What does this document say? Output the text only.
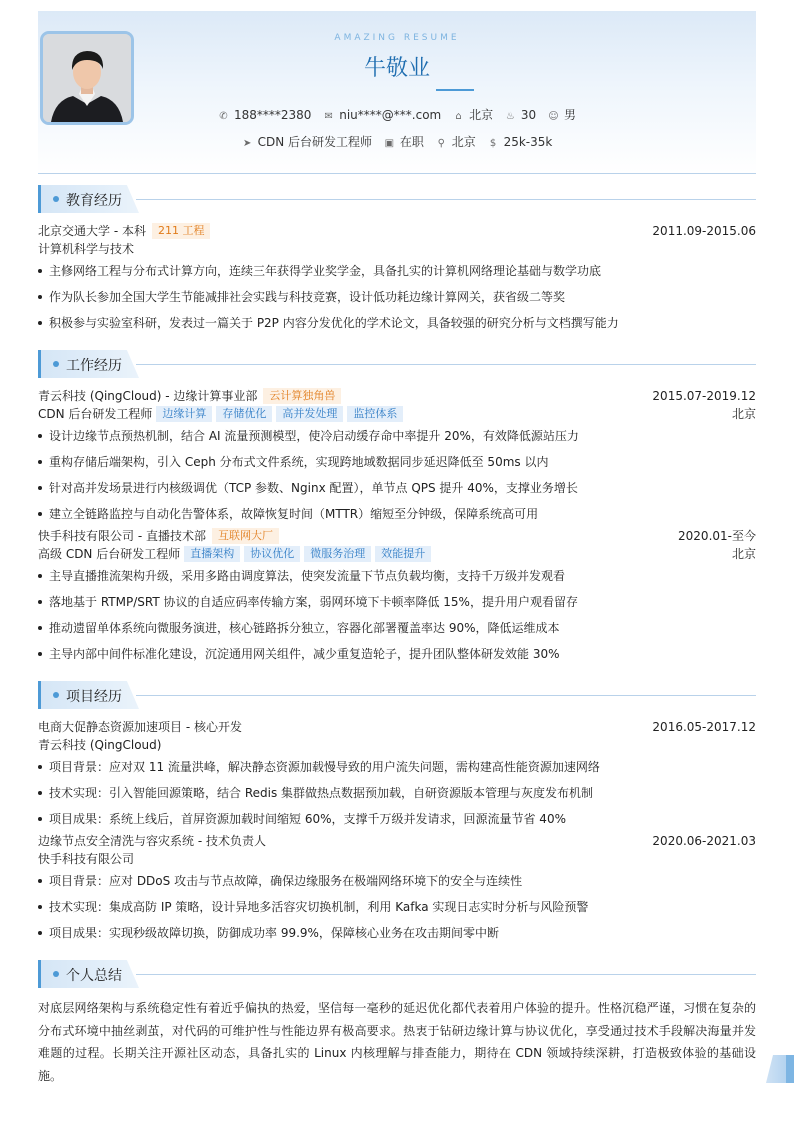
AMAZING RESUME
牛敬业
✆ 188****2380 ✉ niu****@***.com ⌂ 北京 ♨ 30 ☺ 男
➤ CDN 后台研发工程师 ▣ 在职 ⚲ 北京 $ 25k-35k
教育经历
北京交通大学 - 本科 211 工程	2011.09-2015.06
计算机科学与技术
主修网络工程与分布式计算方向，连续三年获得学业奖学金，具备扎实的计算机网络理论基础与数学功底
作为队长参加全国大学生节能减排社会实践与科技竞赛，设计低功耗边缘计算网关，获省级二等奖
积极参与实验室科研，发表过一篇关于 P2P 内容分发优化的学术论文，具备较强的研究分析与文档撰写能力
工作经历
青云科技 (QingCloud) - 边缘计算事业部 云计算独角兽	2015.07-2019.12
CDN 后台研发工程师 边缘计算 存储优化 高并发处理 监控体系	北京
设计边缘节点预热机制，结合 AI 流量预测模型，使冷启动缓存命中率提升 20%，有效降低源站压力
重构存储后端架构，引入 Ceph 分布式文件系统，实现跨地域数据同步延迟降低至 50ms 以内
针对高并发场景进行内核级调优（TCP 参数、Nginx 配置），单节点 QPS 提升 40%，支撑业务增长
建立全链路监控与自动化告警体系，故障恢复时间（MTTR）缩短至分钟级，保障系统高可用
快手科技有限公司 - 直播技术部 互联网大厂	2020.01-至今
高级 CDN 后台研发工程师 直播架构 协议优化 微服务治理 效能提升	北京
主导直播推流架构升级，采用多路由调度算法，使突发流量下节点负载均衡，支持千万级并发观看
落地基于 RTMP/SRT 协议的自适应码率传输方案，弱网环境下卡顿率降低 15%，提升用户观看留存
推动遗留单体系统向微服务演进，核心链路拆分独立，容器化部署覆盖率达 90%，降低运维成本
主导内部中间件标准化建设，沉淀通用网关组件，减少重复造轮子，提升团队整体研发效能 30%
项目经历
电商大促静态资源加速项目 - 核心开发	2016.05-2017.12
青云科技 (QingCloud)
项目背景：应对双 11 流量洪峰，解决静态资源加载慢导致的用户流失问题，需构建高性能资源加速网络
技术实现：引入智能回源策略，结合 Redis 集群做热点数据预加载，自研资源版本管理与灰度发布机制
项目成果：系统上线后，首屏资源加载时间缩短 60%，支撑千万级并发请求，回源流量节省 40%
边缘节点安全清洗与容灾系统 - 技术负责人	2020.06-2021.03
快手科技有限公司
项目背景：应对 DDoS 攻击与节点故障，确保边缘服务在极端网络环境下的安全与连续性
技术实现：集成高防 IP 策略，设计异地多活容灾切换机制，利用 Kafka 实现日志实时分析与风险预警
项目成果：实现秒级故障切换，防御成功率 99.9%，保障核心业务在攻击期间零中断
个人总结
对底层网络架构与系统稳定性有着近乎偏执的热爱，坚信每一毫秒的延迟优化都代表着用户体验的提升。性格沉稳严谨，习惯在复杂的分布式环境中抽丝剥茧，对代码的可维护性与性能边界有极高要求。热衷于钻研边缘计算与协议优化，享受通过技术手段解决海量并发难题的过程。长期关注开源社区动态，具备扎实的 Linux 内核理解与排查能力，期待在 CDN 领域持续深耕，打造极致体验的基础设施。
